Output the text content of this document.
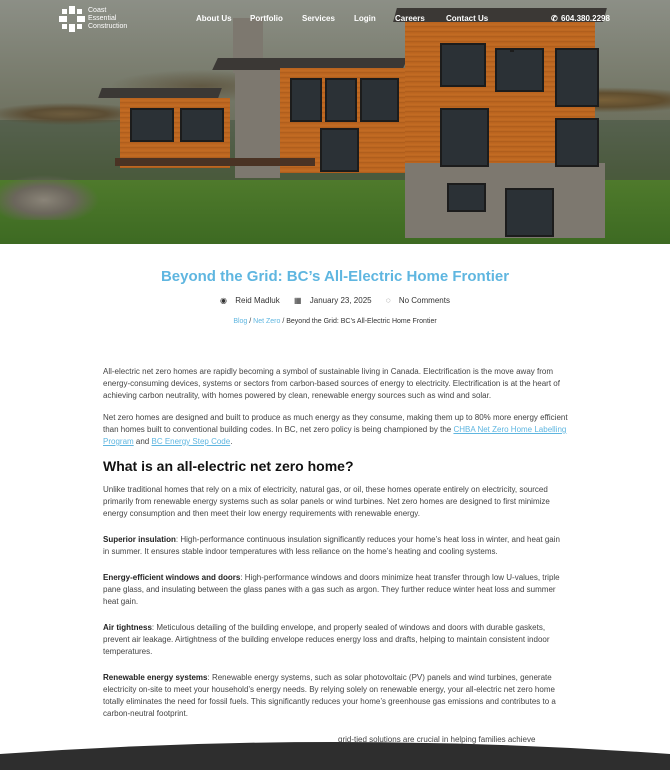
Coast
Essential
Construction
About Us Portfolio Services Login Careers	Contact Us	✆ 604.380.2298
Beyond the Grid: BC’s All-Electric Home Frontier
◉ Reid Madluk ▦ January 23, 2025 ◌ No Comments
Blog / Net Zero / Beyond the Grid: BC’s All-Electric Home Frontier

All-electric net zero homes are rapidly becoming a symbol of sustainable living in Canada. Electrification is the move away from energy-consuming devices, systems or sectors from carbon-based sources of energy to electricity. Electrification is at the heart of achieving carbon neutrality, with homes powered by clean, renewable energy sources such as wind and solar.

Net zero homes are designed and built to produce as much energy as they consume, making them up to 80% more energy efficient than homes built to conventional building codes. In BC, net zero policy is being championed by the CHBA Net Zero Home Labelling Program and BC Energy Step Code.

What is an all-electric net zero home?

Unlike traditional homes that rely on a mix of electricity, natural gas, or oil, these homes operate entirely on electricity, sourced primarily from renewable energy systems such as solar panels or wind turbines. Net zero homes are designed to first minimize energy consumption and then meet their low energy requirements with renewable energy.

Superior insulation: High-performance continuous insulation significantly reduces your home’s heat loss in winter, and heat gain in summer. It ensures stable indoor temperatures with less reliance on the home’s heating and cooling systems.

Energy-efficient windows and doors: High-performance windows and doors minimize heat transfer through low U-values, triple pane glass, and insulating between the glass panes with a gas such as argon. They further reduce winter heat loss and summer heat gain.

Air tightness: Meticulous detailing of the building envelope, and properly sealed of windows and doors with durable gaskets, prevent air leakage. Airtightness of the building envelope reduces energy loss and drafts, helping to maintain consistent indoor temperatures.

Renewable energy systems: Renewable energy systems, such as solar photovoltaic (PV) panels and wind turbines, generate electricity on-site to meet your household’s energy needs. By relying solely on renewable energy, your all-electric net zero home totally eliminates the need for fossil fuels. This significantly reduces your home’s greenhouse gas emissions and contributes to a carbon-neutral footprint.

grid-tied solutions are crucial in helping families achieve
